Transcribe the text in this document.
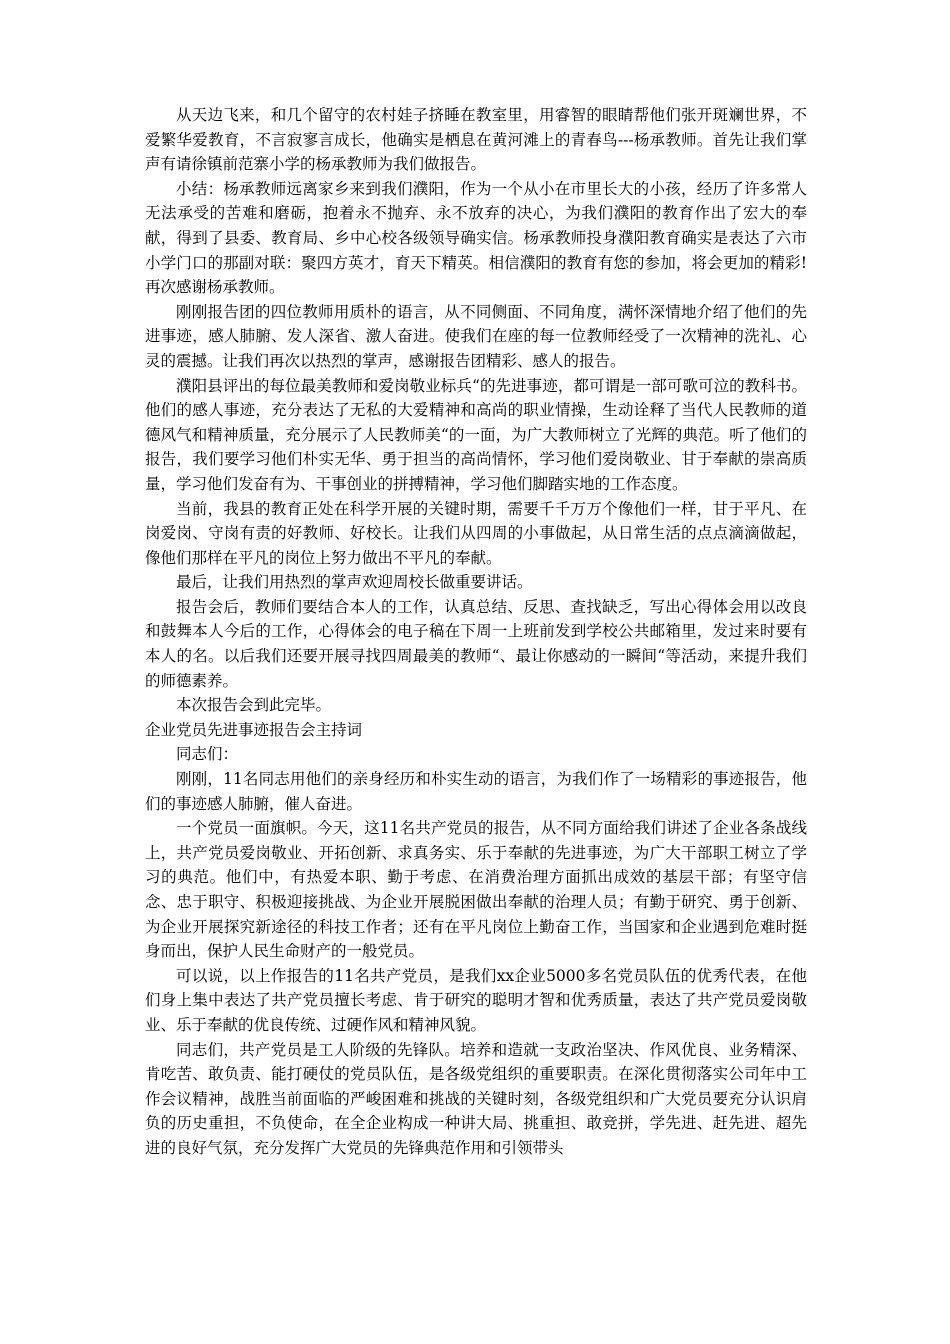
从天边飞来，和几个留守的农村娃子挤睡在教室里，用睿智的眼睛帮他们张开斑斓世界，不爱繁华爱教育，不言寂寥言成长，他确实是栖息在黄河滩上的青春鸟---杨承教师。首先让我们掌声有请徐镇前范寨小学的杨承教师为我们做报告。

小结：杨承教师远离家乡来到我们濮阳，作为一个从小在市里长大的小孩，经历了许多常人无法承受的苦难和磨砺，抱着永不抛弃、永不放弃的决心，为我们濮阳的教育作出了宏大的奉献，得到了县委、教育局、乡中心校各级领导确实信。杨承教师投身濮阳教育确实是表达了六市小学门口的那副对联：聚四方英才，育天下精英。相信濮阳的教育有您的参加，将会更加的精彩!再次感谢杨承教师。

刚刚报告团的四位教师用质朴的语言，从不同侧面、不同角度，满怀深情地介绍了他们的先进事迹，感人肺腑、发人深省、激人奋进。使我们在座的每一位教师经受了一次精神的洗礼、心灵的震撼。让我们再次以热烈的掌声，感谢报告团精彩、感人的报告。

濮阳县评出的每位最美教师和爱岗敬业标兵“的先进事迹，都可谓是一部可歌可泣的教科书。他们的感人事迹，充分表达了无私的大爱精神和高尚的职业情操，生动诠释了当代人民教师的道德风气和精神质量，充分展示了人民教师美“的一面，为广大教师树立了光辉的典范。听了他们的报告，我们要学习他们朴实无华、勇于担当的高尚情怀，学习他们爱岗敬业、甘于奉献的崇高质量，学习他们发奋有为、干事创业的拼搏精神，学习他们脚踏实地的工作态度。

当前，我县的教育正处在科学开展的关键时期，需要千千万万个像他们一样，甘于平凡、在岗爱岗、守岗有责的好教师、好校长。让我们从四周的小事做起，从日常生活的点点滴滴做起，像他们那样在平凡的岗位上努力做出不平凡的奉献。

最后，让我们用热烈的掌声欢迎周校长做重要讲话。

报告会后，教师们要结合本人的工作，认真总结、反思、查找缺乏，写出心得体会用以改良和鼓舞本人今后的工作，心得体会的电子稿在下周一上班前发到学校公共邮箱里，发过来时要有本人的名。以后我们还要开展寻找四周最美的教师“、最让你感动的一瞬间“等活动，来提升我们的师德素养。

本次报告会到此完毕。

企业党员先进事迹报告会主持词

同志们：

刚刚，11名同志用他们的亲身经历和朴实生动的语言，为我们作了一场精彩的事迹报告，他们的事迹感人肺腑，催人奋进。

一个党员一面旗帜。今天，这11名共产党员的报告，从不同方面给我们讲述了企业各条战线上，共产党员爱岗敬业、开拓创新、求真务实、乐于奉献的先进事迹，为广大干部职工树立了学习的典范。他们中，有热爱本职、勤于考虑、在消费治理方面抓出成效的基层干部；有坚守信念、忠于职守、积极迎接挑战、为企业开展脱困做出奉献的治理人员；有勤于研究、勇于创新、为企业开展探究新途径的科技工作者；还有在平凡岗位上勤奋工作，当国家和企业遇到危难时挺身而出，保护人民生命财产的一般党员。

可以说，以上作报告的11名共产党员，是我们xx企业5000多名党员队伍的优秀代表，在他们身上集中表达了共产党员擅长考虑、肯于研究的聪明才智和优秀质量，表达了共产党员爱岗敬业、乐于奉献的优良传统、过硬作风和精神风貌。

同志们，共产党员是工人阶级的先锋队。培养和造就一支政治坚决、作风优良、业务精深、肯吃苦、敢负责、能打硬仗的党员队伍，是各级党组织的重要职责。在深化贯彻落实公司年中工作会议精神，战胜当前面临的严峻困难和挑战的关键时刻，各级党组织和广大党员要充分认识肩负的历史重担，不负使命，在全企业构成一种讲大局、挑重担、敢竞拼，学先进、赶先进、超先进的良好气氛，充分发挥广大党员的先锋典范作用和引领带头
